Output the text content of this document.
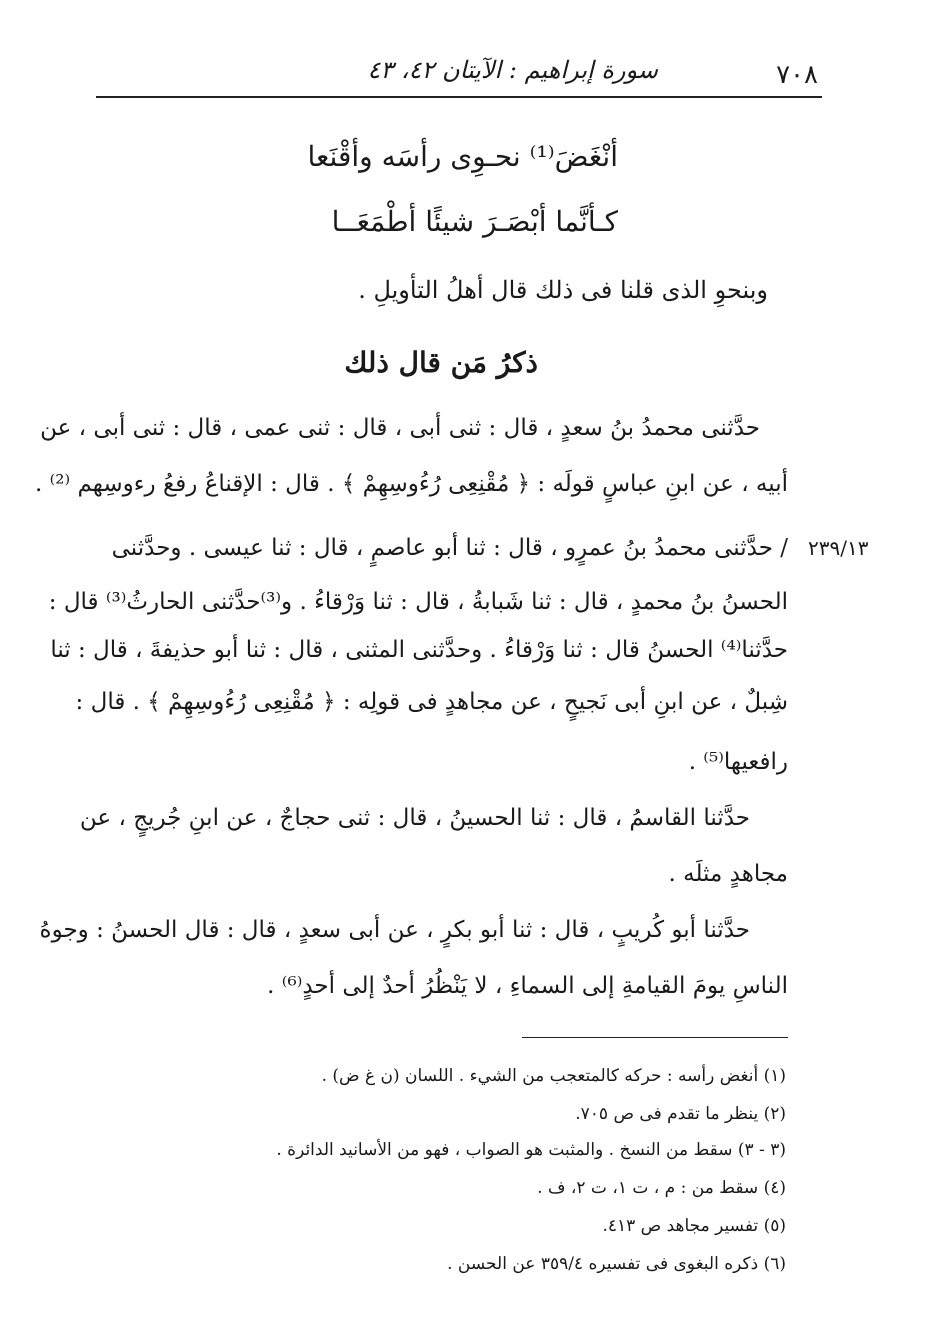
٧٠٨
سورة إبراهيم : الآيتان ٤٢، ٤٣
أنْغَضَ⁽¹⁾ نحـوِى رأسَه وأقْنَعا
كـأنَّما أبْصَـرَ شيئًا أطْمَعَــا
وبنحوِ الذى قلنا فى ذلك قال أهلُ التأويلِ .
ذكرُ مَن قال ذلك
حدَّثنى محمدُ بنُ سعدٍ ، قال : ثنى أبى ، قال : ثنى عمى ، قال : ثنى أبى ، عن
أبيه ، عن ابنِ عباسٍ قولَه : ﴿ مُقْنِعِى رُءُوسِهِمْ ﴾ . قال : الإقناعُ رفعُ رءوسِهم ⁽²⁾ .
٢٣٩/١٣
/ حدَّثنى محمدُ بنُ عمرٍو ، قال : ثنا أبو عاصمٍ ، قال : ثنا عيسى . وحدَّثنى
الحسنُ بنُ محمدٍ ، قال : ثنا شَبابةُ ، قال : ثنا وَرْقاءُ . و⁽³⁾حدَّثنى الحارثُ⁽³⁾ قال :
حدَّثنا⁽⁴⁾ الحسنُ قال : ثنا وَرْقاءُ . وحدَّثنى المثنى ، قال : ثنا أبو حذيفةَ ، قال : ثنا
شِبلٌ ، عن ابنِ أبى نَجيحٍ ، عن مجاهدٍ فى قولِه : ﴿ مُقْنِعِى رُءُوسِهِمْ ﴾ . قال :
رافعيها⁽⁵⁾ .
حدَّثنا القاسمُ ، قال : ثنا الحسينُ ، قال : ثنى حجاجٌ ، عن ابنِ جُريجٍ ، عن
مجاهدٍ مثلَه .
حدَّثنا أبو كُريبٍ ، قال : ثنا أبو بكرٍ ، عن أبى سعدٍ ، قال : قال الحسنُ : وجوهُ
الناسِ يومَ القيامةِ إلى السماءِ ، لا يَنْظُرُ أحدٌ إلى أحدٍ⁽⁶⁾ .
(١) أنغض رأسه : حركه كالمتعجب من الشيء . اللسان (ن غ ض) .
(٢) ينظر ما تقدم فى ص ٧٠٥.
(٣ - ٣) سقط من النسخ . والمثبت هو الصواب ، فهو من الأسانيد الدائرة .
(٤) سقط من : م ، ت ١، ت ٢، ف .
(٥) تفسير مجاهد ص ٤١٣.
(٦) ذكره البغوى فى تفسيره ٣٥٩/٤ عن الحسن .
